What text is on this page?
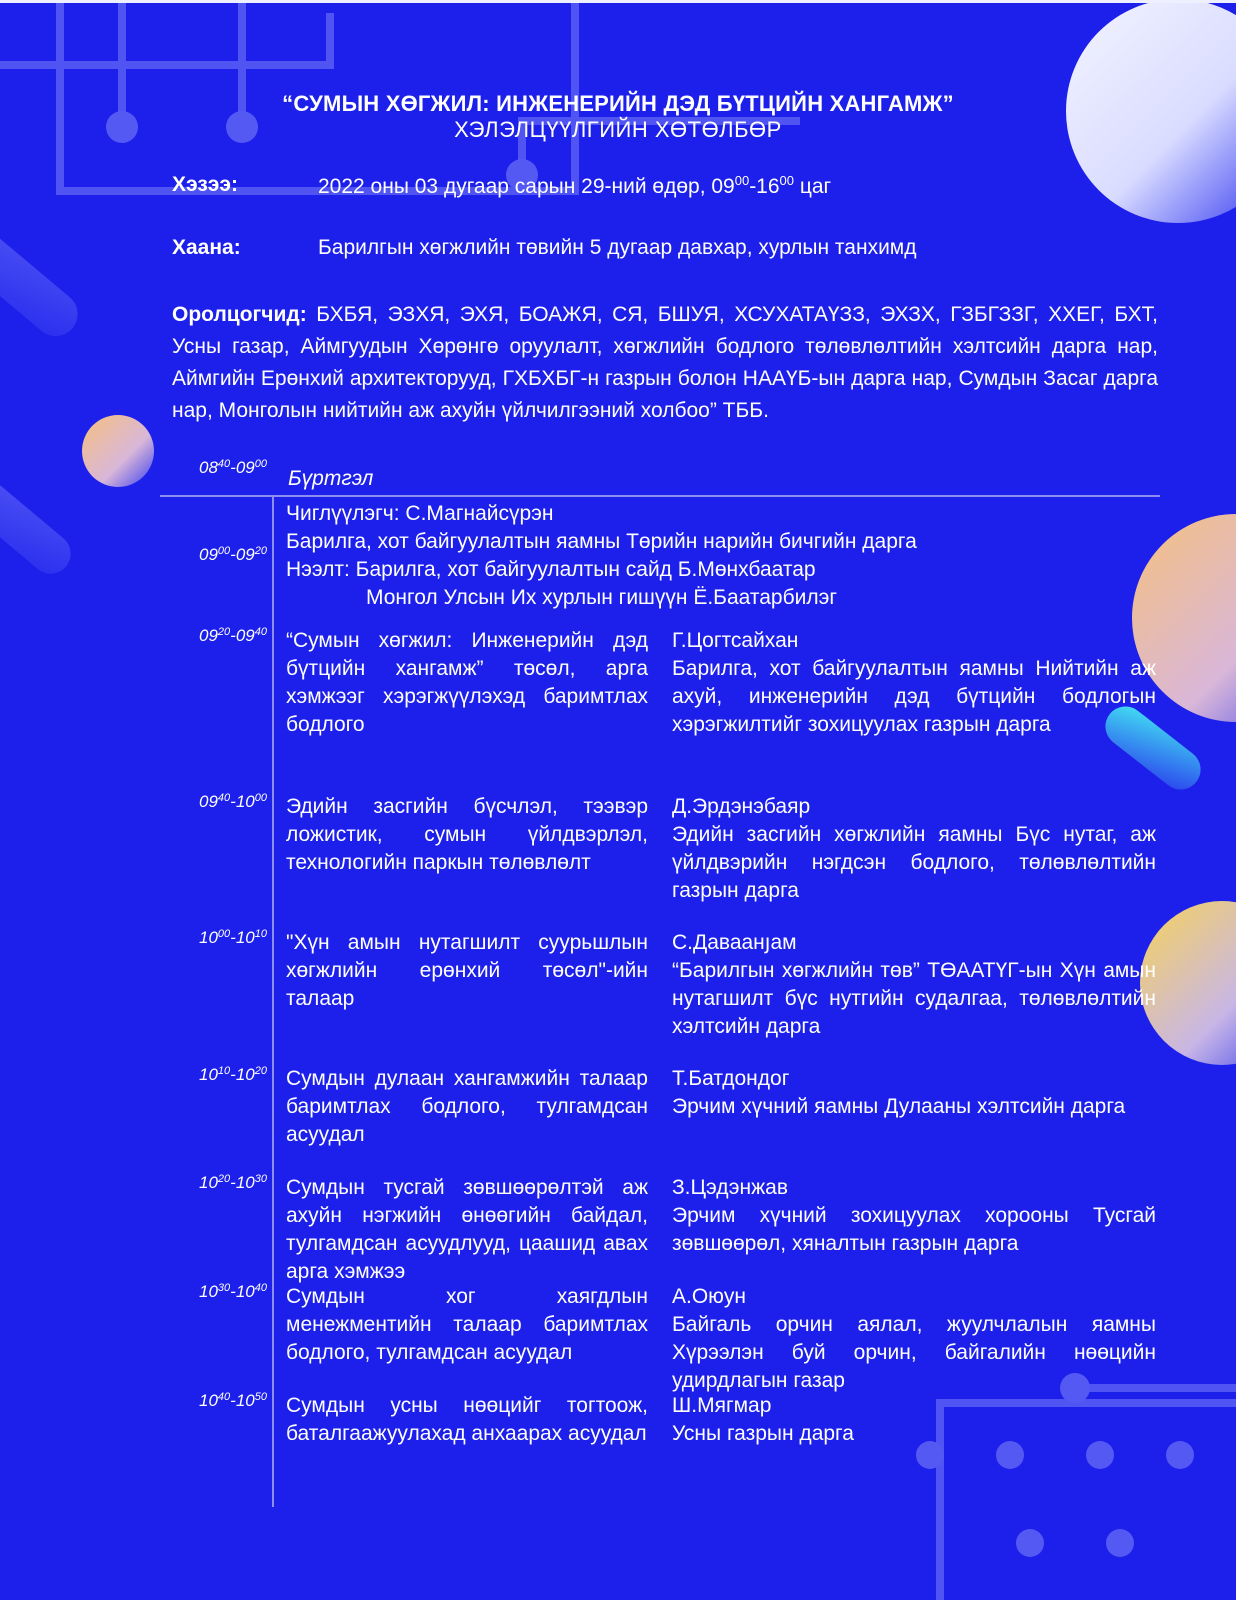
“СУМЫН ХӨГЖИЛ: ИНЖЕНЕРИЙН ДЭД БҮТЦИЙН ХАНГАМЖ”
ХЭЛЭЛЦҮҮЛГИЙН ХӨТӨЛБӨР
Хэзээ:	2022 оны 03 дугаар сарын 29-ний өдөр, $09^{00}-16^{00}$ цаг
Хаана:	Барилгын хөгжлийн төвийн 5 дугаар давхар, хурлын танхимд
Оролцогчид: БХБЯ, ЭЗХЯ, ЭХЯ, БОАЖЯ, СЯ, БШУЯ, ХСУХАТАҮЗЗ, ЭХЗХ, ГЗБГЗЗГ, ХХЕГ, БХТ, Усны газар, Аймгуудын Хөрөнгө оруулалт, хөгжлийн бодлого төлөвлөлтийн хэлтсийн дарга нар, Аймгийн Ерөнхий архитекторууд, ГХБХБГ-н газрын болон НААҮБ-ын дарга нар, Сумдын Засаг дарга нар, Монголын нийтийн аж ахуйн үйлчилгээний холбоо” ТББ.
$08^{40}-09^{00}$
Бүртгэл
$09^{00}-09^{20}$
Чиглүүлэгч: С.Магнайсүрэн
Барилга, хот байгуулалтын яамны Төрийн нарийн бичгийн дарга
Нээлт: Барилга, хот байгуулалтын сайд Б.Мөнхбаатар
Монгол Улсын Их хурлын гишүүн Ё.Баатарбилэг
$09^{20}-09^{40}$ “Сумын хөгжил: Инженерийн дэд бүтцийн хангамж” төсөл, арга хэмжээг хэрэгжүүлэхэд баримтлах бодлого
Г.Цогтсайхан
Барилга, хот байгуулалтын яамны Нийтийн аж ахуй, инженерийн дэд бүтцийн бодлогын хэрэгжилтийг зохицуулах газрын дарга
$09^{40}-10^{00}$ Эдийн засгийн бүсчлэл, тээвэр ложистик, сумын үйлдвэрлэл, технологийн паркын төлөвлөлт
Д.Эрдэнэбаяр
Эдийн засгийн хөгжлийн яамны Бүс нутаг, аж үйлдвэрийн нэгдсэн бодлого, төлөвлөлтийн газрын дарга
$10^{00}-10^{10}$ "Хүн амын нутагшилт суурьшлын хөгжлийн ерөнхий төсөл"-ийн талаар
С.Даваанյам
“Барилгын хөгжлийн төв” ТӨААТҮГ-ын Хүн амын нутагшилт бүс нутгийн судалгаа, төлөвлөлтийн хэлтсийн дарга
$10^{10}-10^{20}$ Сумдын дулаан хангамжийн талаар баримтлах бодлого, тулгамдсан асуудал
Т.Батдондог
Эрчим хүчний яамны Дулааны хэлтсийн дарга
$10^{20}-10^{30}$ Сумдын тусгай зөвшөөрөлтэй аж ахуйн нэгжийн өнөөгийн байдал, тулгамдсан асуудлууд, цаашид авах арга хэмжээ
З.Цэдэнжав
Эрчим хүчний зохицуулах хорооны Тусгай зөвшөөрөл, хяналтын газрын дарга
$10^{30}-10^{40}$ Сумдын хог хаягдлын менежментийн талаар баримтлах бодлого, тулгамдсан асуудал
А.Оюун
Байгаль орчин аялал, жуулчлалын яамны Хүрээлэн буй орчин, байгалийн нөөцийн удирдлагын газар
$10^{40}-10^{50}$ Сумдын усны нөөцийг тогтоож, баталгаажуулахад анхаарах асуудал
Ш.Мягмар
Усны газрын дарга
